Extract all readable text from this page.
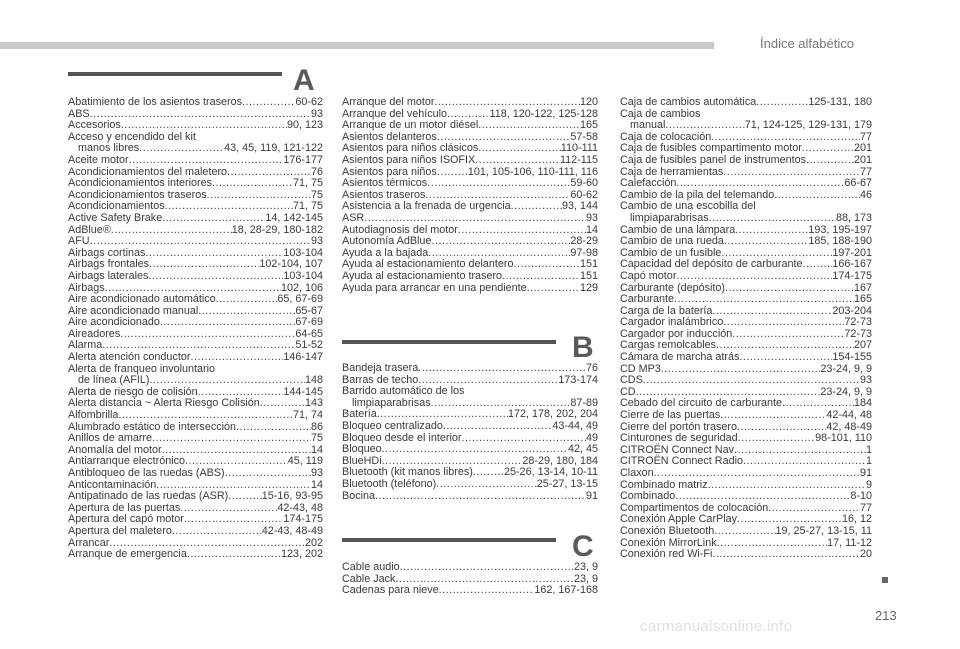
Índice alfabético
A
Abatimiento de los asientos traseros .....	60-62
ABS .....	93
Accesorios .....	90, 123
Acceso y encendido del kit
manos libres .....	43, 45, 119, 121-122
Aceite motor .....	176-177
Acondicionamientos del maletero .....	76
Acondicionamientos interiores .....	71, 75
Acondicionamientos traseros .....	75
Acondicionamientos .....	71, 75
Active Safety Brake .....	14, 142-145
AdBlue® .....	18, 28-29, 180-182
AFU .....	93
Airbags cortinas .....	103-104
Airbags frontales .....	102-104, 107
Airbags laterales .....	103-104
Airbags .....	102, 106
Aire acondicionado automático .....	65, 67-69
Aire acondicionado manual .....	65-67
Aire acondicionado .....	67-69
Aireadores .....	64-65
Alarma .....	51-52
Alerta atención conductor .....	146-147
Alerta de franqueo involuntario
de línea (AFIL) .....	148
Alerta de riesgo de colisión .....	144-145
Alerta distancia ~ Alerta Riesgo Colisión .....	143
Alfombrilla .....	71, 74
Alumbrado estático de intersección .....	86
Anillos de amarre .....	75
Anomalía del motor .....	14
Antiarranque electrónico .....	45, 119
Antibloqueo de las ruedas (ABS) .....	93
Anticontaminación .....	14
Antipatinado de las ruedas (ASR) .....	15-16, 93-95
Apertura de las puertas .....	42-43, 48
Apertura del capó motor .....	174-175
Apertura del maletero .....	42-43, 48-49
Arrancar .....	202
Arranque de emergencia .....	123, 202
Arranque del motor .....	120
Arranque del vehículo .....	118, 120-122, 125-128
Arranque de un motor diésel .....	165
Asientos delanteros .....	57-58
Asientos para niños clásicos .....	110-111
Asientos para niños ISOFIX .....	112-115
Asientos para niños .....	101, 105-106, 110-111, 116
Asientos térmicos .....	59-60
Asientos traseros .....	60-62
Asistencia a la frenada de urgencia .....	93, 144
ASR .....	93
Autodiagnosis del motor .....	14
Autonomía AdBlue .....	28-29
Ayuda a la bajada .....	97-98
Ayuda al estacionamiento delantero .....	151
Ayuda al estacionamiento trasero .....	151
Ayuda para arrancar en una pendiente .....	129
B
Bandeja trasera .....	76
Barras de techo .....	173-174
Barrido automático de los
limpiaparabrisas .....	87-89
Batería .....	172, 178, 202, 204
Bloqueo centralizado .....	43-44, 49
Bloqueo desde el interior .....	49
Bloqueo .....	42, 45
BlueHDi .....	28-29, 180, 184
Bluetooth (kit manos libres) .....	25-26, 13-14, 10-11
Bluetooth (teléfono) .....	25-27, 13-15
Bocina .....	91
C
Cable audio .....	23, 9
Cable Jack .....	23, 9
Cadenas para nieve .....	162, 167-168
Caja de cambios automática .....	125-131, 180
Caja de cambios
manual .....	71, 124-125, 129-131, 179
Caja de colocación .....	77
Caja de fusibles compartimento motor .....	201
Caja de fusibles panel de instrumentos .....	201
Caja de herramientas .....	77
Calefacción .....	66-67
Cambio de la pila del telemando .....	46
Cambio de una escobilla del
limpiaparabrisas .....	88, 173
Cambio de una lámpara .....	193, 195-197
Cambio de una rueda .....	185, 188-190
Cambio de un fusible .....	197-201
Capacidad del depósito de carburante .....	166-167
Capó motor .....	174-175
Carburante (depósito) .....	167
Carburante .....	165
Carga de la batería .....	203-204
Cargador inalámbrico .....	72-73
Cargador por inducción .....	72-73
Cargas remolcables .....	207
Cámara de marcha atrás .....	154-155
CD MP3 .....	23-24, 9, 9
CDS .....	93
CD .....	23-24, 9, 9
Cebado del circuito de carburante .....	184
Cierre de las puertas .....	42-44, 48
Cierre del portón trasero .....	42, 48-49
Cinturones de seguridad .....	98-101, 110
CITROËN Connect Nav .....	1
CITROËN Connect Radio .....	1
Claxon .....	91
Combinado matriz .....	9
Combinado .....	8-10
Compartimentos de colocación .....	77
Conexión Apple CarPlay .....	16, 12
Conexión Bluetooth .....	19, 25-27, 13-15, 11
Conexión MirrorLink .....	17, 11-12
Conexión red Wi-Fi .....	20
213
carmanualsonline.info
